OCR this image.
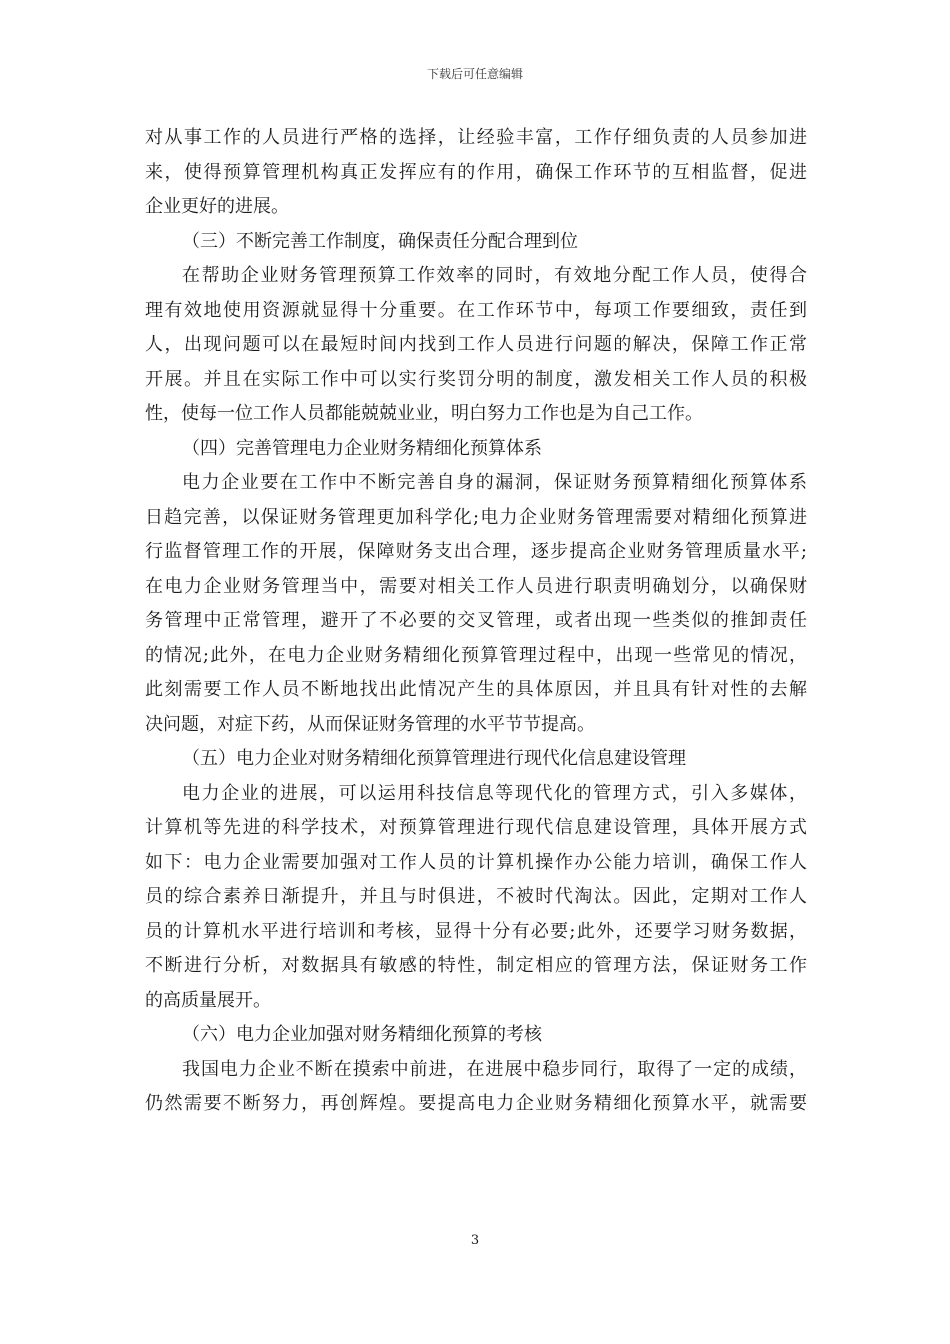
下载后可任意编辑
对从事工作的人员进行严格的选择，让经验丰富，工作仔细负责的人员参加进
来，使得预算管理机构真正发挥应有的作用，确保工作环节的互相监督，促进
企业更好的进展。
（三）不断完善工作制度，确保责任分配合理到位
在帮助企业财务管理预算工作效率的同时，有效地分配工作人员，使得合
理有效地使用资源就显得十分重要。在工作环节中，每项工作要细致，责任到
人，出现问题可以在最短时间内找到工作人员进行问题的解决，保障工作正常
开展。并且在实际工作中可以实行奖罚分明的制度，激发相关工作人员的积极
性，使每一位工作人员都能兢兢业业，明白努力工作也是为自己工作。
（四）完善管理电力企业财务精细化预算体系
电力企业要在工作中不断完善自身的漏洞，保证财务预算精细化预算体系
日趋完善，以保证财务管理更加科学化;电力企业财务管理需要对精细化预算进
行监督管理工作的开展，保障财务支出合理，逐步提高企业财务管理质量水平;
在电力企业财务管理当中，需要对相关工作人员进行职责明确划分，以确保财
务管理中正常管理，避开了不必要的交叉管理，或者出现一些类似的推卸责任
的情况;此外，在电力企业财务精细化预算管理过程中，出现一些常见的情况，
此刻需要工作人员不断地找出此情况产生的具体原因，并且具有针对性的去解
决问题，对症下药，从而保证财务管理的水平节节提高。
（五）电力企业对财务精细化预算管理进行现代化信息建设管理
电力企业的进展，可以运用科技信息等现代化的管理方式，引入多媒体，
计算机等先进的科学技术，对预算管理进行现代信息建设管理，具体开展方式
如下：电力企业需要加强对工作人员的计算机操作办公能力培训，确保工作人
员的综合素养日渐提升，并且与时俱进，不被时代淘汰。因此，定期对工作人
员的计算机水平进行培训和考核，显得十分有必要;此外，还要学习财务数据，
不断进行分析，对数据具有敏感的特性，制定相应的管理方法，保证财务工作
的高质量展开。
（六）电力企业加强对财务精细化预算的考核
我国电力企业不断在摸索中前进，在进展中稳步同行，取得了一定的成绩，
仍然需要不断努力，再创辉煌。要提高电力企业财务精细化预算水平，就需要
3
